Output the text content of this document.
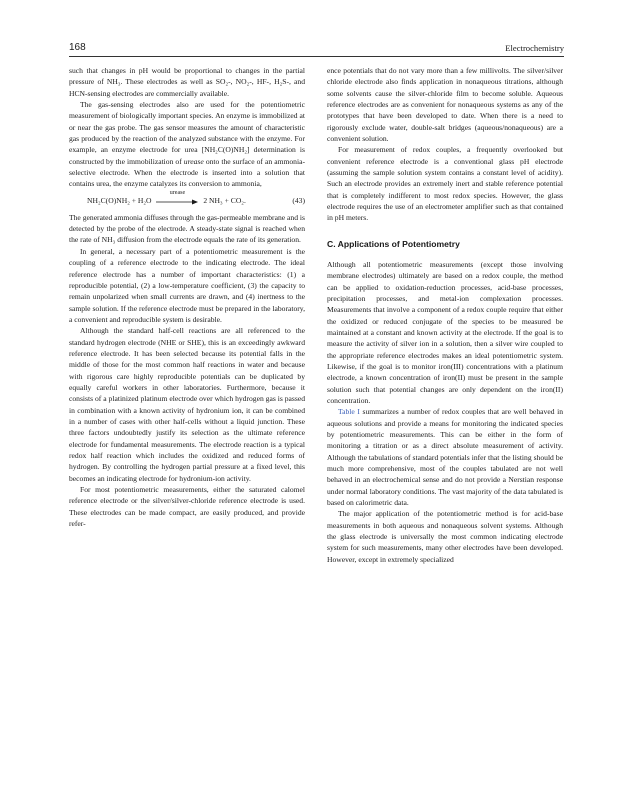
168	Electrochemistry

such that changes in pH would be proportional to changes in the partial pressure of NH₃. These electrodes as well as SO₂-, NO₂-, HF-, H₂S-, and HCN-sensing electrodes are commercially available.

The gas-sensing electrodes also are used for the potentiometric measurement of biologically important species. An enzyme is immobilized at or near the gas probe. The gas sensor measures the amount of characteristic gas produced by the reaction of the analyzed substance with the enzyme. For example, an enzyme electrode for urea [NH₂C(O)NH₂] determination is constructed by the immobilization of urease onto the surface of an ammonia-selective electrode. When the electrode is inserted into a solution that contains urea, the enzyme catalyzes its conversion to ammonia,

NH₂C(O)NH₂ + H₂O
urease
2 NH₃ + CO₂.	(43)

The generated ammonia diffuses through the gas-permeable membrane and is detected by the probe of the electrode. A steady-state signal is reached when the rate of NH₃ diffusion from the electrode equals the rate of its generation.

In general, a necessary part of a potentiometric measurement is the coupling of a reference electrode to the indicating electrode. The ideal reference electrode has a number of important characteristics: (1) a reproducible potential, (2) a low-temperature coefficient, (3) the capacity to remain unpolarized when small currents are drawn, and (4) inertness to the sample solution. If the reference electrode must be prepared in the laboratory, a convenient and reproducible system is desirable.

Although the standard half-cell reactions are all referenced to the standard hydrogen electrode (NHE or SHE), this is an exceedingly awkward reference electrode. It has been selected because its potential falls in the middle of those for the most common half reactions in water and because with rigorous care highly reproducible potentials can be duplicated by equally careful workers in other laboratories. Furthermore, because it consists of a platinized platinum electrode over which hydrogen gas is passed in combination with a known activity of hydronium ion, it can be combined in a number of cases with other half-cells without a liquid junction. These three factors undoubtedly justify its selection as the ultimate reference electrode for fundamental measurements. The electrode reaction is a typical redox half reaction which includes the oxidized and reduced forms of hydrogen. By controlling the hydrogen partial pressure at a fixed level, this becomes an indicating electrode for hydronium-ion activity.

For most potentiometric measurements, either the saturated calomel reference electrode or the silver/silver-chloride reference electrode is used. These electrodes can be made compact, are easily produced, and provide refer-

ence potentials that do not vary more than a few millivolts. The silver/silver chloride electrode also finds application in nonaqueous titrations, although some solvents cause the silver-chloride film to become soluble. Aqueous reference electrodes are as convenient for nonaqueous systems as any of the prototypes that have been developed to date. When there is a need to rigorously exclude water, double-salt bridges (aqueous/nonaqueous) are a convenient solution.

For measurement of redox couples, a frequently overlooked but convenient reference electrode is a conventional glass pH electrode (assuming the sample solution system contains a constant level of acidity). Such an electrode provides an extremely inert and stable reference potential that is completely indifferent to most redox species. However, the glass electrode requires the use of an electrometer amplifier such as that contained in pH meters.

C. Applications of Potentiometry

Although all potentiometric measurements (except those involving membrane electrodes) ultimately are based on a redox couple, the method can be applied to oxidation-reduction processes, acid-base processes, precipitation processes, and metal-ion complexation processes. Measurements that involve a component of a redox couple require that either the oxidized or reduced conjugate of the species to be measured be maintained at a constant and known activity at the electrode. If the goal is to measure the activity of silver ion in a solution, then a silver wire coupled to the appropriate reference electrodes makes an ideal potentiometric system. Likewise, if the goal is to monitor iron(III) concentrations with a platinum electrode, a known concentration of iron(II) must be present in the sample solution such that potential changes are only dependent on the iron(II) concentration.

Table I summarizes a number of redox couples that are well behaved in aqueous solutions and provide a means for monitoring the indicated species by potentiometric measurements. This can be either in the form of monitoring a titration or as a direct absolute measurement of activity. Although the tabulations of standard potentials infer that the listing should be much more comprehensive, most of the couples tabulated are not well behaved in an electrochemical sense and do not provide a Nerstian response under normal laboratory conditions. The vast majority of the data tabulated is based on calorimetric data.

The major application of the potentiometric method is for acid-base measurements in both aqueous and nonaqueous solvent systems. Although the glass electrode is universally the most common indicating electrode system for such measurements, many other electrodes have been developed. However, except in extremely specialized
